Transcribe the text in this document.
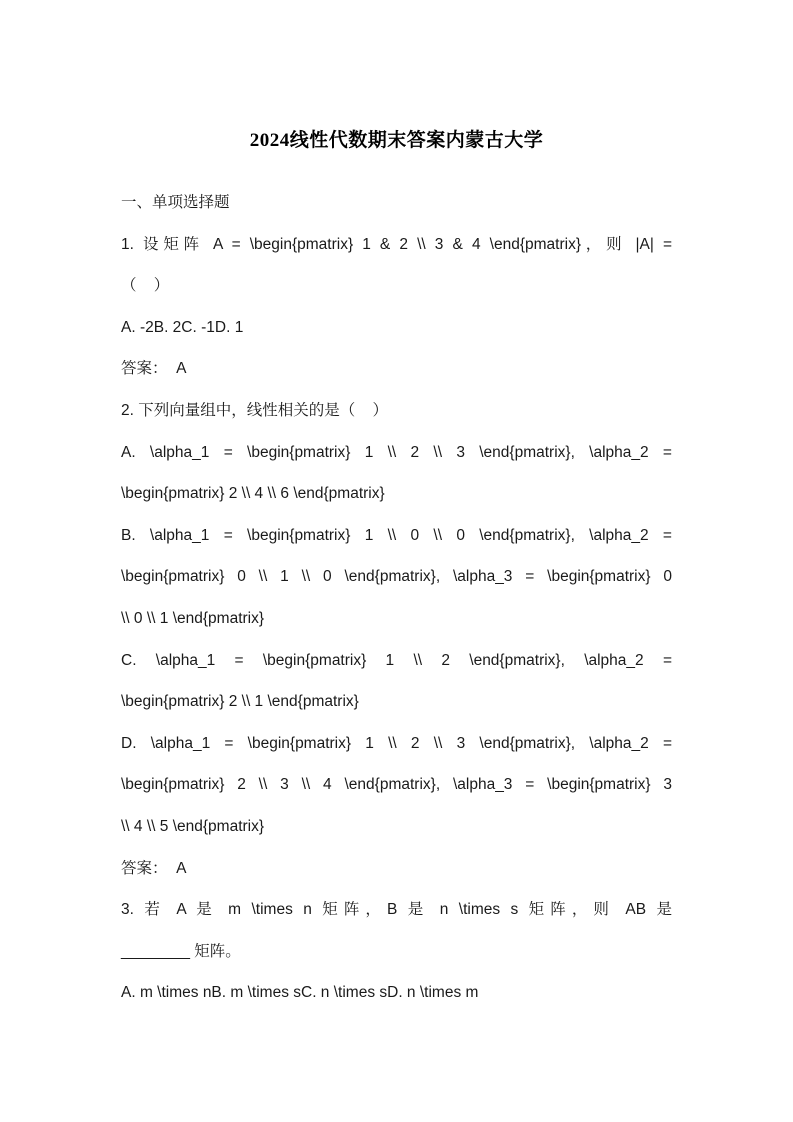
2024线性代数期末答案内蒙古大学
一、单项选择题
1. 设矩阵 A = \begin{pmatrix} 1 & 2 \\ 3 & 4 \end{pmatrix}，则 |A| =
（    ）
A. -2B. 2C. -1D. 1
答案：  A
2. 下列向量组中，线性相关的是（    ）
A. \alpha_1 = \begin{pmatrix} 1 \\ 2 \\ 3 \end{pmatrix}, \alpha_2 =
\begin{pmatrix} 2 \\ 4 \\ 6 \end{pmatrix}
B. \alpha_1 = \begin{pmatrix} 1 \\ 0 \\ 0 \end{pmatrix}, \alpha_2 =
\begin{pmatrix} 0 \\ 1 \\ 0 \end{pmatrix}, \alpha_3 = \begin{pmatrix} 0
\\ 0 \\ 1 \end{pmatrix}
C. \alpha_1 = \begin{pmatrix} 1 \\ 2 \end{pmatrix}, \alpha_2 =
\begin{pmatrix} 2 \\ 1 \end{pmatrix}
D. \alpha_1 = \begin{pmatrix} 1 \\ 2 \\ 3 \end{pmatrix}, \alpha_2 =
\begin{pmatrix} 2 \\ 3 \\ 4 \end{pmatrix}, \alpha_3 = \begin{pmatrix} 3
\\ 4 \\ 5 \end{pmatrix}
答案：  A
3. 若 A 是 m \times n 矩阵，B 是 n \times s 矩阵，则 AB 是
________ 矩阵。
A. m \times nB. m \times sC. n \times sD. n \times m
